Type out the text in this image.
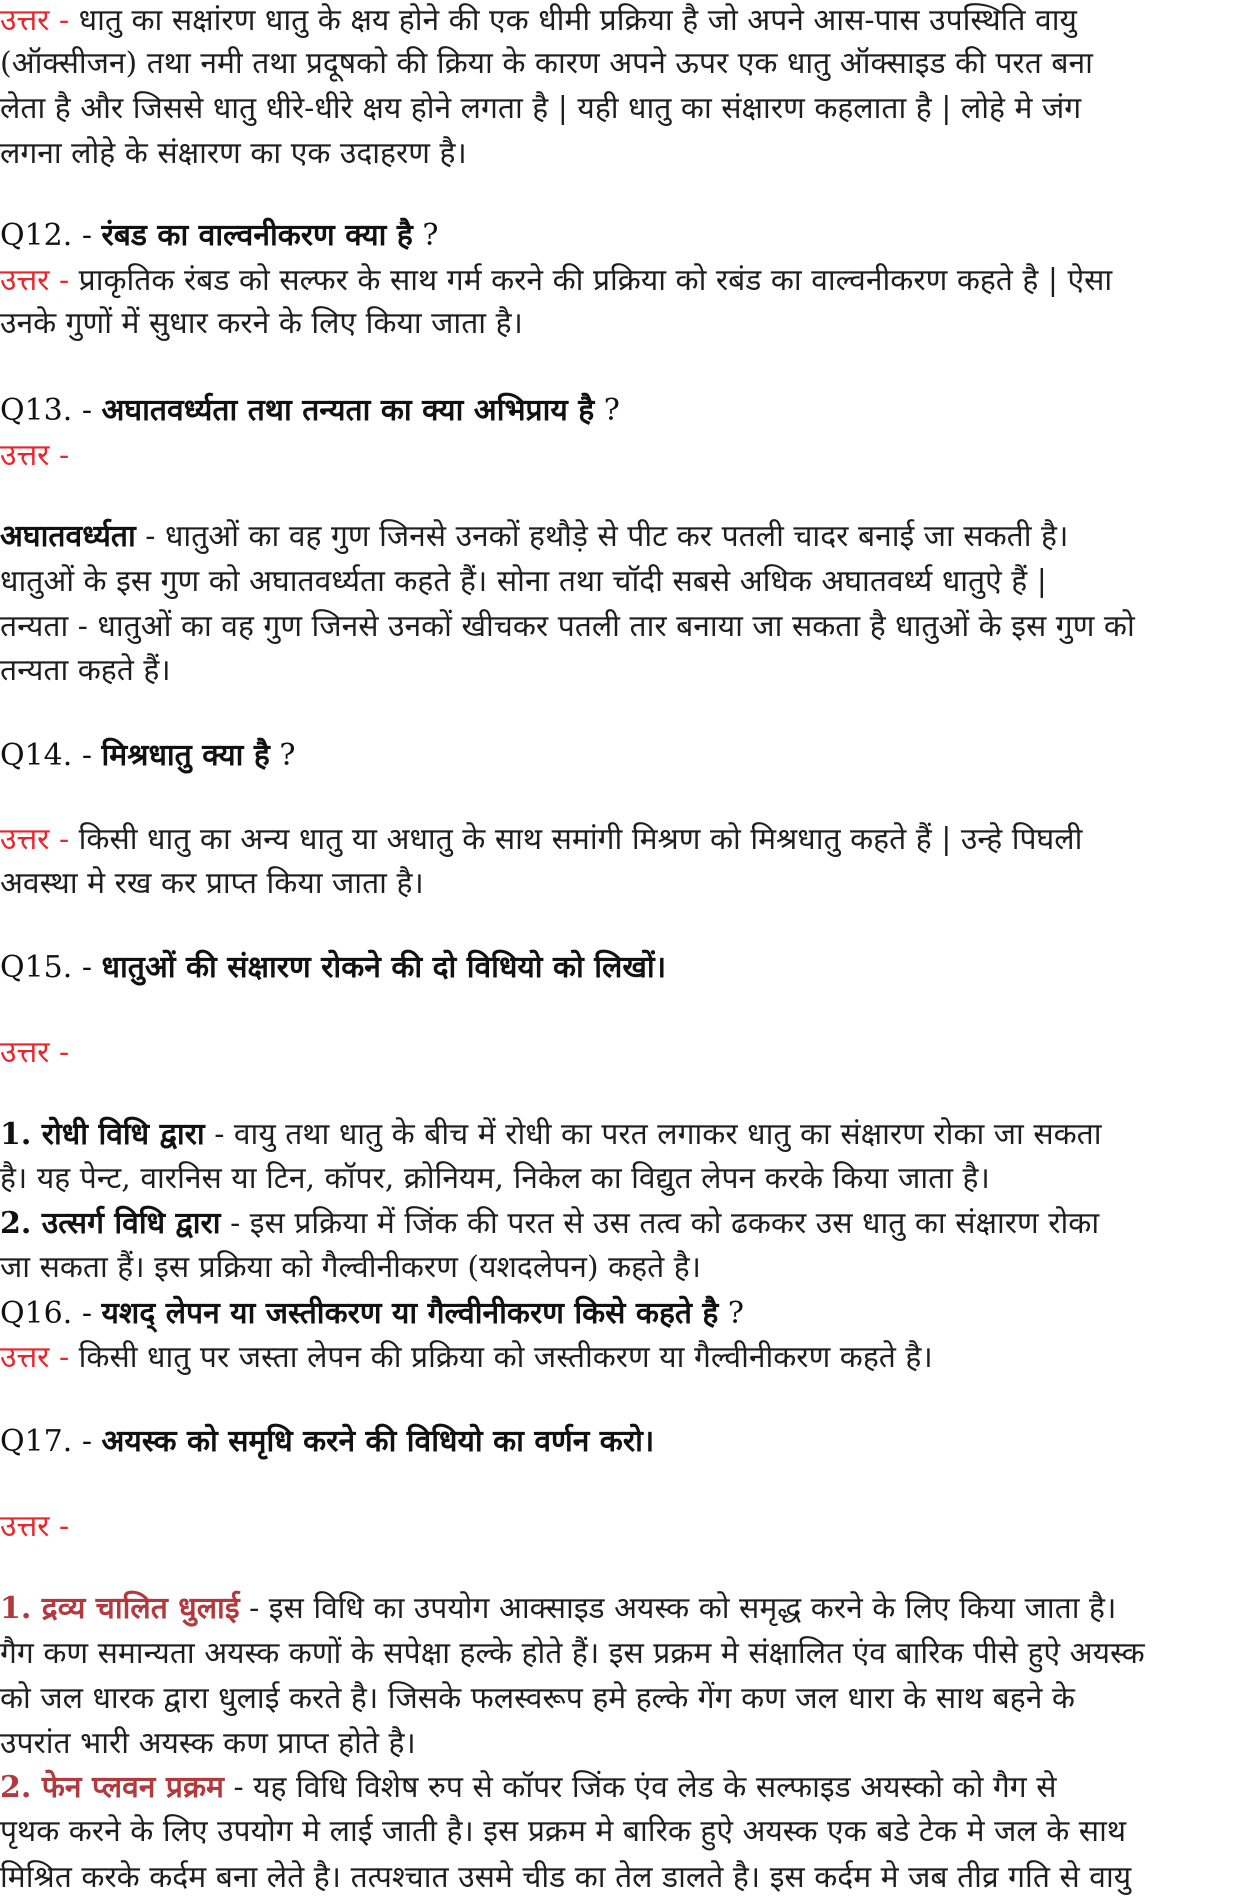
उत्तर - धातु का सक्षांरण धातु के क्षय होने की एक धीमी प्रक्रिया है जो अपने आस-पास उपस्थिति वायु
(ऑक्सीजन) तथा नमी तथा प्रदूषको की क्रिया के कारण अपने ऊपर एक धातु ऑक्साइड की परत बना
लेता है और जिससे धातु धीरे-धीरे क्षय होने लगता है | यही धातु का संक्षारण कहलाता है | लोहे मे जंग
लगना लोहे के संक्षारण का एक उदाहरण है।
Q12. - रंबड का वाल्वनीकरण क्या है ?
उत्तर - प्राकृतिक रंबड को सल्फर के साथ गर्म करने की प्रक्रिया को रबंड का वाल्वनीकरण कहते है | ऐसा
उनके गुणों में सुधार करने के लिए किया जाता है।
Q13. - अघातवर्ध्यता तथा तन्यता का क्या अभिप्राय है ?
उत्तर -
अघातवर्ध्यता - धातुओं का वह गुण जिनसे उनकों हथौड़े से पीट कर पतली चादर बनाई जा सकती है।
धातुओं के इस गुण को अघातवर्ध्यता कहते हैं। सोना तथा चॉदी सबसे अधिक अघातवर्ध्य धातुऐ हैं |
तन्यता - धातुओं का वह गुण जिनसे उनकों खीचकर पतली तार बनाया जा सकता है धातुओं के इस गुण को
तन्यता कहते हैं।
Q14. - मिश्रधातु क्या है ?
उत्तर - किसी धातु का अन्य धातु या अधातु के साथ समांगी मिश्रण को मिश्रधातु कहते हैं | उन्हे पिघली
अवस्था मे रख कर प्राप्त किया जाता है।
Q15. - धातुओं की संक्षारण रोकने की दो विधियो को लिखों।
उत्तर -
1. रोधी विधि द्वारा - वायु तथा धातु के बीच में रोधी का परत लगाकर धातु का संक्षारण रोका जा सकता
है। यह पेन्ट, वारनिस या टिन, कॉपर, क्रोनियम, निकेल का विद्युत लेपन करके किया जाता है।
2. उत्सर्ग विधि द्वारा - इस प्रक्रिया में जिंक की परत से उस तत्व को ढककर उस धातु का संक्षारण रोका
जा सकता हैं। इस प्रक्रिया को गैल्वीनीकरण (यशदलेपन) कहते है।
Q16. - यशद् लेपन या जस्तीकरण या गैल्वीनीकरण किसे कहते है ?
उत्तर - किसी धातु पर जस्ता लेपन की प्रक्रिया को जस्तीकरण या गैल्वीनीकरण कहते है।
Q17. - अयस्क को समृधि करने की विधियो का वर्णन करो।
उत्तर -
1. द्रव्य चालित धुलाई - इस विधि का उपयोग आक्साइड अयस्क को समृद्ध करने के लिए किया जाता है।
गैग कण समान्यता अयस्क कणों के सपेक्षा हल्के होते हैं। इस प्रक्रम मे संक्षालित एंव बारिक पीसे हुऐ अयस्क
को जल धारक द्वारा धुलाई करते है। जिसके फलस्वरूप हमे हल्के गेंग कण जल धारा के साथ बहने के
उपरांत भारी अयस्क कण प्राप्त होते है।
2. फेन प्लवन प्रक्रम - यह विधि विशेष रुप से कॉपर जिंक एंव लेड के सल्फाइड अयस्को को गैग से
पृथक करने के लिए उपयोग मे लाई जाती है। इस प्रक्रम मे बारिक हुऐ अयस्क एक बडे टेक मे जल के साथ
मिश्रित करके कर्दम बना लेते है। तत्पश्चात उसमे चीड का तेल डालते है। इस कर्दम मे जब तीव्र गति से वायु
